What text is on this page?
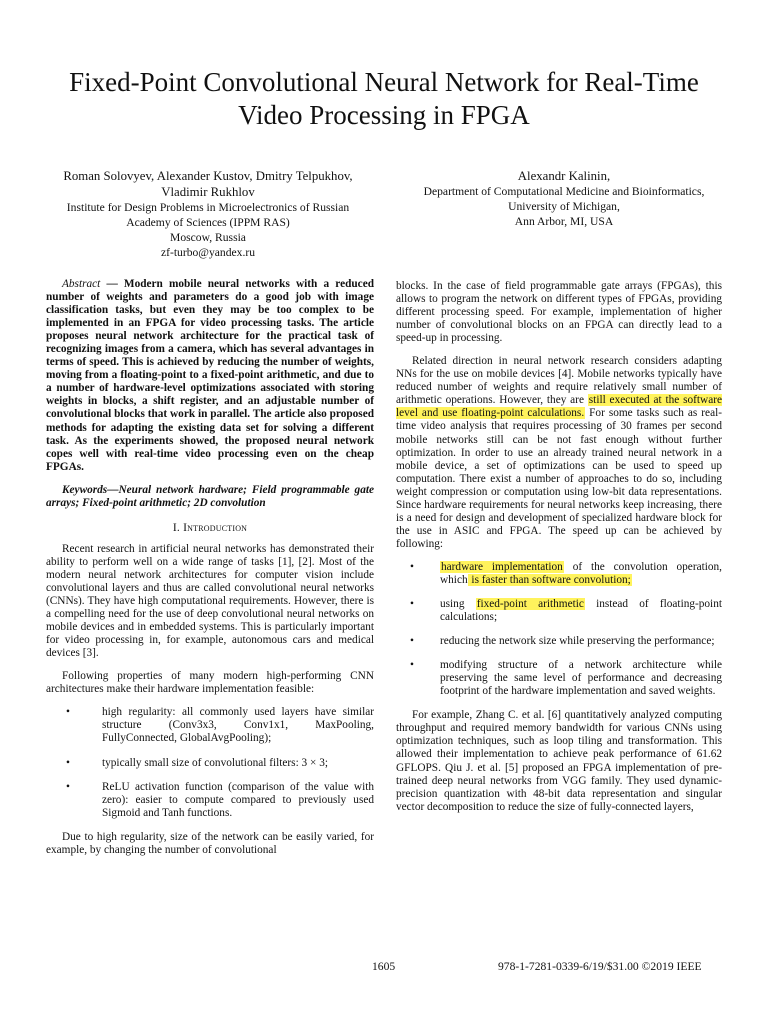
Fixed-Point Convolutional Neural Network for Real-Time Video Processing in FPGA
Roman Solovyev, Alexander Kustov, Dmitry Telpukhov, Vladimir Rukhlov
Institute for Design Problems in Microelectronics of Russian Academy of Sciences (IPPM RAS)
Moscow, Russia
zf-turbo@yandex.ru
Alexandr Kalinin,
Department of Computational Medicine and Bioinformatics,
University of Michigan,
Ann Arbor, MI, USA

Abstract — Modern mobile neural networks with a reduced number of weights and parameters do a good job with image classification tasks, but even they may be too complex to be implemented in an FPGA for video processing tasks. The article proposes neural network architecture for the practical task of recognizing images from a camera, which has several advantages in terms of speed. This is achieved by reducing the number of weights, moving from a floating-point to a fixed-point arithmetic, and due to a number of hardware-level optimizations associated with storing weights in blocks, a shift register, and an adjustable number of convolutional blocks that work in parallel. The article also proposed methods for adapting the existing data set for solving a different task. As the experiments showed, the proposed neural network copes well with real-time video processing even on the cheap FPGAs.

Keywords—Neural network hardware; Field programmable gate arrays; Fixed-point arithmetic; 2D convolution

I. Introduction

Recent research in artificial neural networks has demonstrated their ability to perform well on a wide range of tasks [1], [2]. Most of the modern neural network architectures for computer vision include convolutional layers and thus are called convolutional neural networks (CNNs). They have high computational requirements. However, there is a compelling need for the use of deep convolutional neural networks on mobile devices and in embedded systems. This is particularly important for video processing in, for example, autonomous cars and medical devices [3].

Following properties of many modern high-performing CNN architectures make their hardware implementation feasible:

•	high regularity: all commonly used layers have similar structure (Conv3x3, Conv1x1, MaxPooling, FullyConnected, GlobalAvgPooling);
•	typically small size of convolutional filters: 3 × 3;
•	ReLU activation function (comparison of the value with zero): easier to compute compared to previously used Sigmoid and Tanh functions.

Due to high regularity, size of the network can be easily varied, for example, by changing the number of convolutional

blocks. In the case of field programmable gate arrays (FPGAs), this allows to program the network on different types of FPGAs, providing different processing speed. For example, implementation of higher number of convolutional blocks on an FPGA can directly lead to a speed-up in processing.

Related direction in neural network research considers adapting NNs for the use on mobile devices [4]. Mobile networks typically have reduced number of weights and require relatively small number of arithmetic operations. However, they are still executed at the software level and use floating-point calculations. For some tasks such as real-time video analysis that requires processing of 30 frames per second mobile networks still can be not fast enough without further optimization. In order to use an already trained neural network in a mobile device, a set of optimizations can be used to speed up computation. There exist a number of approaches to do so, including weight compression or computation using low-bit data representations. Since hardware requirements for neural networks keep increasing, there is a need for design and development of specialized hardware block for the use in ASIC and FPGA. The speed up can be achieved by following:

• hardware implementation of the convolution operation, which is faster than software convolution;
• using fixed-point arithmetic instead of floating-point calculations;
• reducing the network size while preserving the performance;
• modifying structure of a network architecture while preserving the same level of performance and decreasing footprint of the hardware implementation and saved weights.

For example, Zhang C. et al. [6] quantitatively analyzed computing throughput and required memory bandwidth for various CNNs using optimization techniques, such as loop tiling and transformation. This allowed their implementation to achieve peak performance of 61.62 GFLOPS. Qiu J. et al. [5] proposed an FPGA implementation of pre-trained deep neural networks from VGG family. They used dynamic-precision quantization with 48-bit data representation and singular vector decomposition to reduce the size of fully-connected layers,

1605	978-1-7281-0339-6/19/$31.00 ©2019 IEEE
